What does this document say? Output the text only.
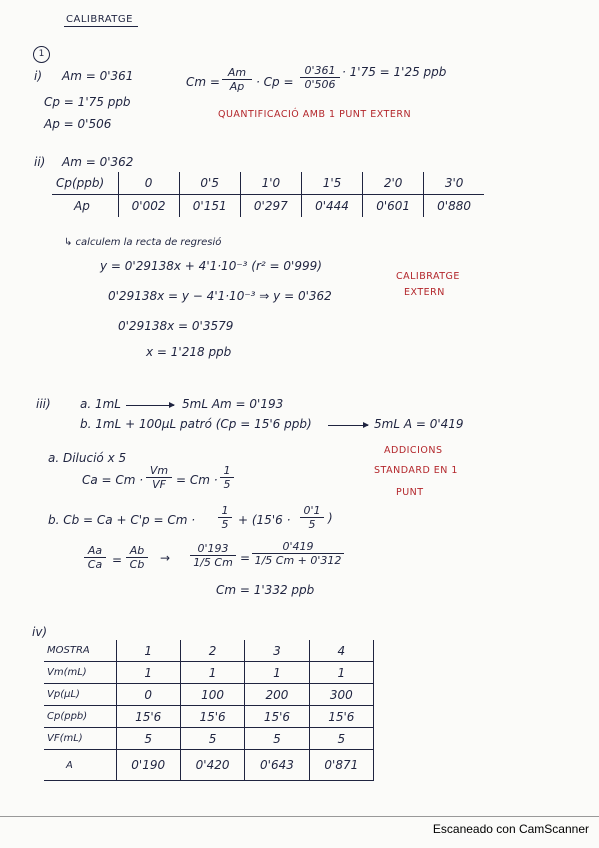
CALIBRATGE
1
i) Am = 0'361
Cp = 1'75 ppb
Ap = 0'506
$Cm = \frac{Am}{Ap} \cdot Cp = \frac{0'361}{0'506} \cdot 1'75 = 1'25$ ppb
QUANTIFICACIÓ AMB 1 PUNT EXTERN
ii) Am = 0'362
Cp(ppb)	0	0'5	1'0	1'5	2'0	3'0
Ap	0'002	0'151	0'297	0'444	0'601	0'880
↳ calculem la recta de regresió
y = 0'29138x + 4'1·10⁻³ (r² = 0'999)
0'29138x = y − 4'1·10⁻³ ⇒ y = 0'362
0'29138x = 0'3579
x = 1'218 ppb
CALIBRATGE
EXTERN
iii) a. 1mL	5mL Am = 0'193
b. 1mL + 100µL patró (Cp = 15'6 ppb)	5mL A = 0'419
a. Dilució x 5
$Ca = Cm \cdot \frac{Vm}{VF} = Cm \cdot \frac{1}{5}$
ADDICIONS
STANDARD EN 1
PUNT
b. $Cb = Ca + C'p = Cm \cdot \frac{1}{5} + (15'6 \cdot \frac{0'1}{5}$ )
$\frac{Aa}{Ca} = \frac{Ab}{Cb} \to \frac{0'193}{1/5 Cm} = \frac{0'419}{1/5 Cm + 0'312}$
Cm = 1'332 ppb
iv)
MOSTRA	1	2	3	4
Vm(mL)	1	1	1	1
Vp(µL)	0	100	200	300
Cp(ppb)	15'6	15'6	15'6	15'6
VF(mL)	5	5	5	5
A	0'190	0'420	0'643	0'871
Escaneado con CamScanner
